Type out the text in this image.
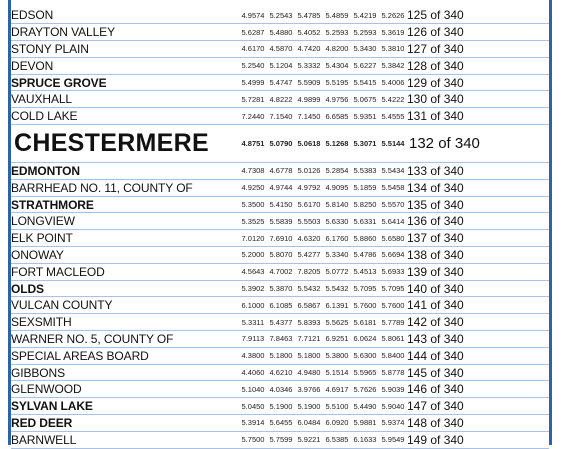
EDSON	4.9574	5.2543	5.4785	5.4859	5.4219	5.2626	125 of 340
DRAYTON VALLEY	5.6287	5.4880	5.4052	5.2593	5.2593	5.3619	126 of 340
STONY PLAIN	4.6170	4.5870	4.7420	4.8200	5.3430	5.3810	127 of 340
DEVON	5.2540	5.1204	5.3332	5.4304	5.6227	5.3842	128 of 340
SPRUCE GROVE	5.4999	5.4747	5.5909	5.5195	5.5415	5.4006	129 of 340
VAUXHALL	5.7281	4.8222	4.9899	4.9756	5.0675	5.4222	130 of 340
COLD LAKE	7.2440	7.1540	7.1450	6.6585	5.9351	5.4555	131 of 340
CHESTERMERE	4.8751	5.0790	5.0618	5.1268	5.3071	5.5144	132 of 340
EDMONTON	4.7308	4.6778	5.0126	5.2854	5.5383	5.5434	133 of 340
BARRHEAD NO. 11, COUNTY OF	4.9250	4.9744	4.9792	4.9095	5.1859	5.5458	134 of 340
STRATHMORE	5.3500	5.4150	5.6170	5.8140	5.8250	5.5570	135 of 340
LONGVIEW	5.3525	5.5839	5.5503	5.6330	5.6331	5.6414	136 of 340
ELK POINT	7.0120	7.6910	4.6320	6.1760	5.8860	5.6580	137 of 340
ONOWAY	5.2000	5.8070	5.4277	5.3340	5.4786	5.6694	138 of 340
FORT MACLEOD	4.5643	4.7002	7.8205	5.0772	5.4513	5.6933	139 of 340
OLDS	5.3902	5.3870	5.5432	5.5432	5.7095	5.7095	140 of 340
VULCAN COUNTY	6.1000	6.1085	6.5867	6.1391	5.7600	5.7600	141 of 340
SEXSMITH	5.3311	5.4377	5.8393	5.5625	5.6181	5.7789	142 of 340
WARNER NO. 5, COUNTY OF	7.9113	7.8463	7.7121	6.9251	6.0624	5.8061	143 of 340
SPECIAL AREAS BOARD	4.3800	5.1800	5.1800	5.3800	5.6300	5.8400	144 of 340
GIBBONS	4.4060	4.6210	4.9480	5.1514	5.5965	5.8778	145 of 340
GLENWOOD	5.1040	4.0346	3.9766	4.6917	5.7626	5.9039	146 of 340
SYLVAN LAKE	5.0450	5.1900	5.1900	5.5100	5.4490	5.9040	147 of 340
RED DEER	5.3914	5.6455	6.0484	6.0920	5.9881	5.9374	148 of 340
BARNWELL	5.7500	5.7599	5.9221	6.5385	6.1633	5.9549	149 of 340
